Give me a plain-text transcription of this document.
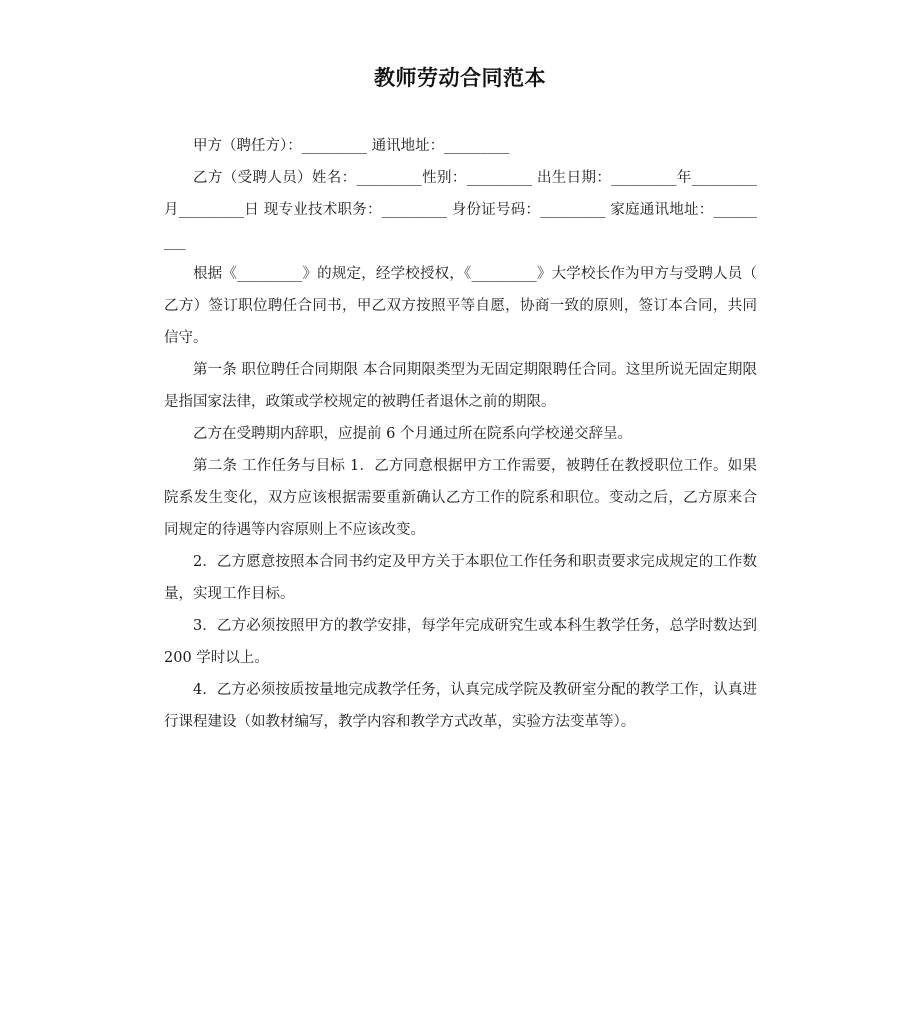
教师劳动合同范本

甲方（聘任方）：_________ 通讯地址：_________

乙方（受聘人员）姓名：_________性别：_________ 出生日期：_________年_________月_________日 现专业技术职务：_________ 身份证号码：_________ 家庭通讯地址：_________

根据《_________》的规定，经学校授权，《_________》大学校长作为甲方与受聘人员（乙方）签订职位聘任合同书，甲乙双方按照平等自愿，协商一致的原则，签订本合同，共同信守。

第一条 职位聘任合同期限 本合同期限类型为无固定期限聘任合同。这里所说无固定期限是指国家法律，政策或学校规定的被聘任者退休之前的期限。

乙方在受聘期内辞职，应提前 6 个月通过所在院系向学校递交辞呈。

第二条 工作任务与目标 1．乙方同意根据甲方工作需要，被聘任在教授职位工作。如果院系发生变化，双方应该根据需要重新确认乙方工作的院系和职位。变动之后，乙方原来合同规定的待遇等内容原则上不应该改变。

2．乙方愿意按照本合同书约定及甲方关于本职位工作任务和职责要求完成规定的工作数量，实现工作目标。

3．乙方必须按照甲方的教学安排，每学年完成研究生或本科生教学任务，总学时数达到 200 学时以上。

4．乙方必须按质按量地完成教学任务，认真完成学院及教研室分配的教学工作，认真进行课程建设（如教材编写，教学内容和教学方式改革，实验方法变革等）。
